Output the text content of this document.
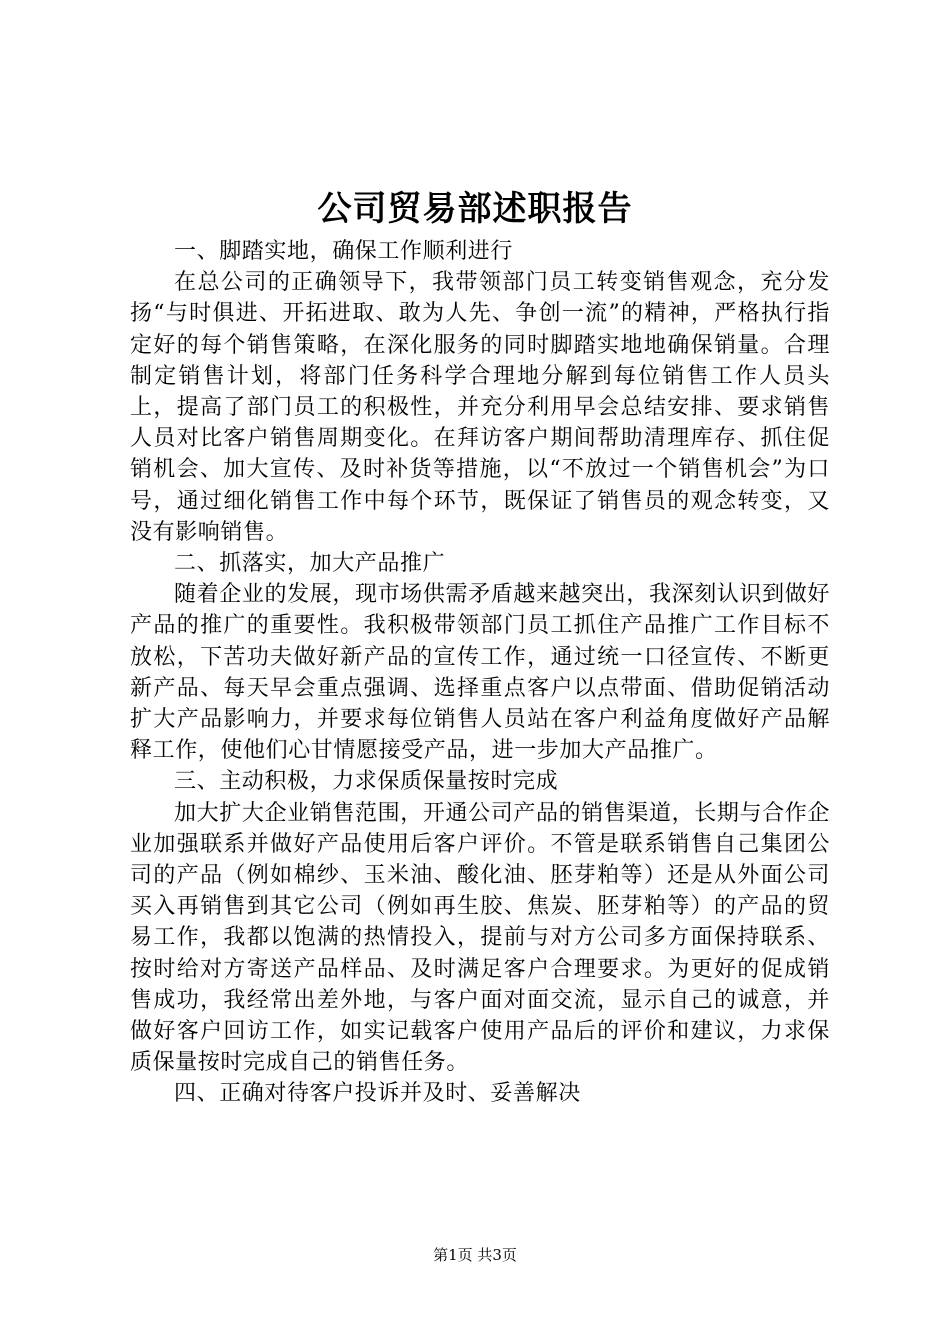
公司贸易部述职报告

一、脚踏实地，确保工作顺利进行

在总公司的正确领导下，我带领部门员工转变销售观念，充分发扬“与时俱进、开拓进取、敢为人先、争创一流”的精神，严格执行指定好的每个销售策略，在深化服务的同时脚踏实地地确保销量。合理制定销售计划，将部门任务科学合理地分解到每位销售工作人员头上，提高了部门员工的积极性，并充分利用早会总结安排、要求销售人员对比客户销售周期变化。在拜访客户期间帮助清理库存、抓住促销机会、加大宣传、及时补货等措施，以“不放过一个销售机会”为口号，通过细化销售工作中每个环节，既保证了销售员的观念转变，又没有影响销售。

二、抓落实，加大产品推广

随着企业的发展，现市场供需矛盾越来越突出，我深刻认识到做好产品的推广的重要性。我积极带领部门员工抓住产品推广工作目标不放松，下苦功夫做好新产品的宣传工作，通过统一口径宣传、不断更新产品、每天早会重点强调、选择重点客户以点带面、借助促销活动扩大产品影响力，并要求每位销售人员站在客户利益角度做好产品解释工作，使他们心甘情愿接受产品，进一步加大产品推广。

三、主动积极，力求保质保量按时完成

加大扩大企业销售范围，开通公司产品的销售渠道，长期与合作企业加强联系并做好产品使用后客户评价。不管是联系销售自己集团公司的产品（例如棉纱、玉米油、酸化油、胚芽粕等）还是从外面公司买入再销售到其它公司（例如再生胶、焦炭、胚芽粕等）的产品的贸易工作，我都以饱满的热情投入，提前与对方公司多方面保持联系、按时给对方寄送产品样品、及时满足客户合理要求。为更好的促成销售成功，我经常出差外地，与客户面对面交流，显示自己的诚意，并做好客户回访工作，如实记载客户使用产品后的评价和建议，力求保质保量按时完成自己的销售任务。

四、正确对待客户投诉并及时、妥善解决

第1页 共3页
